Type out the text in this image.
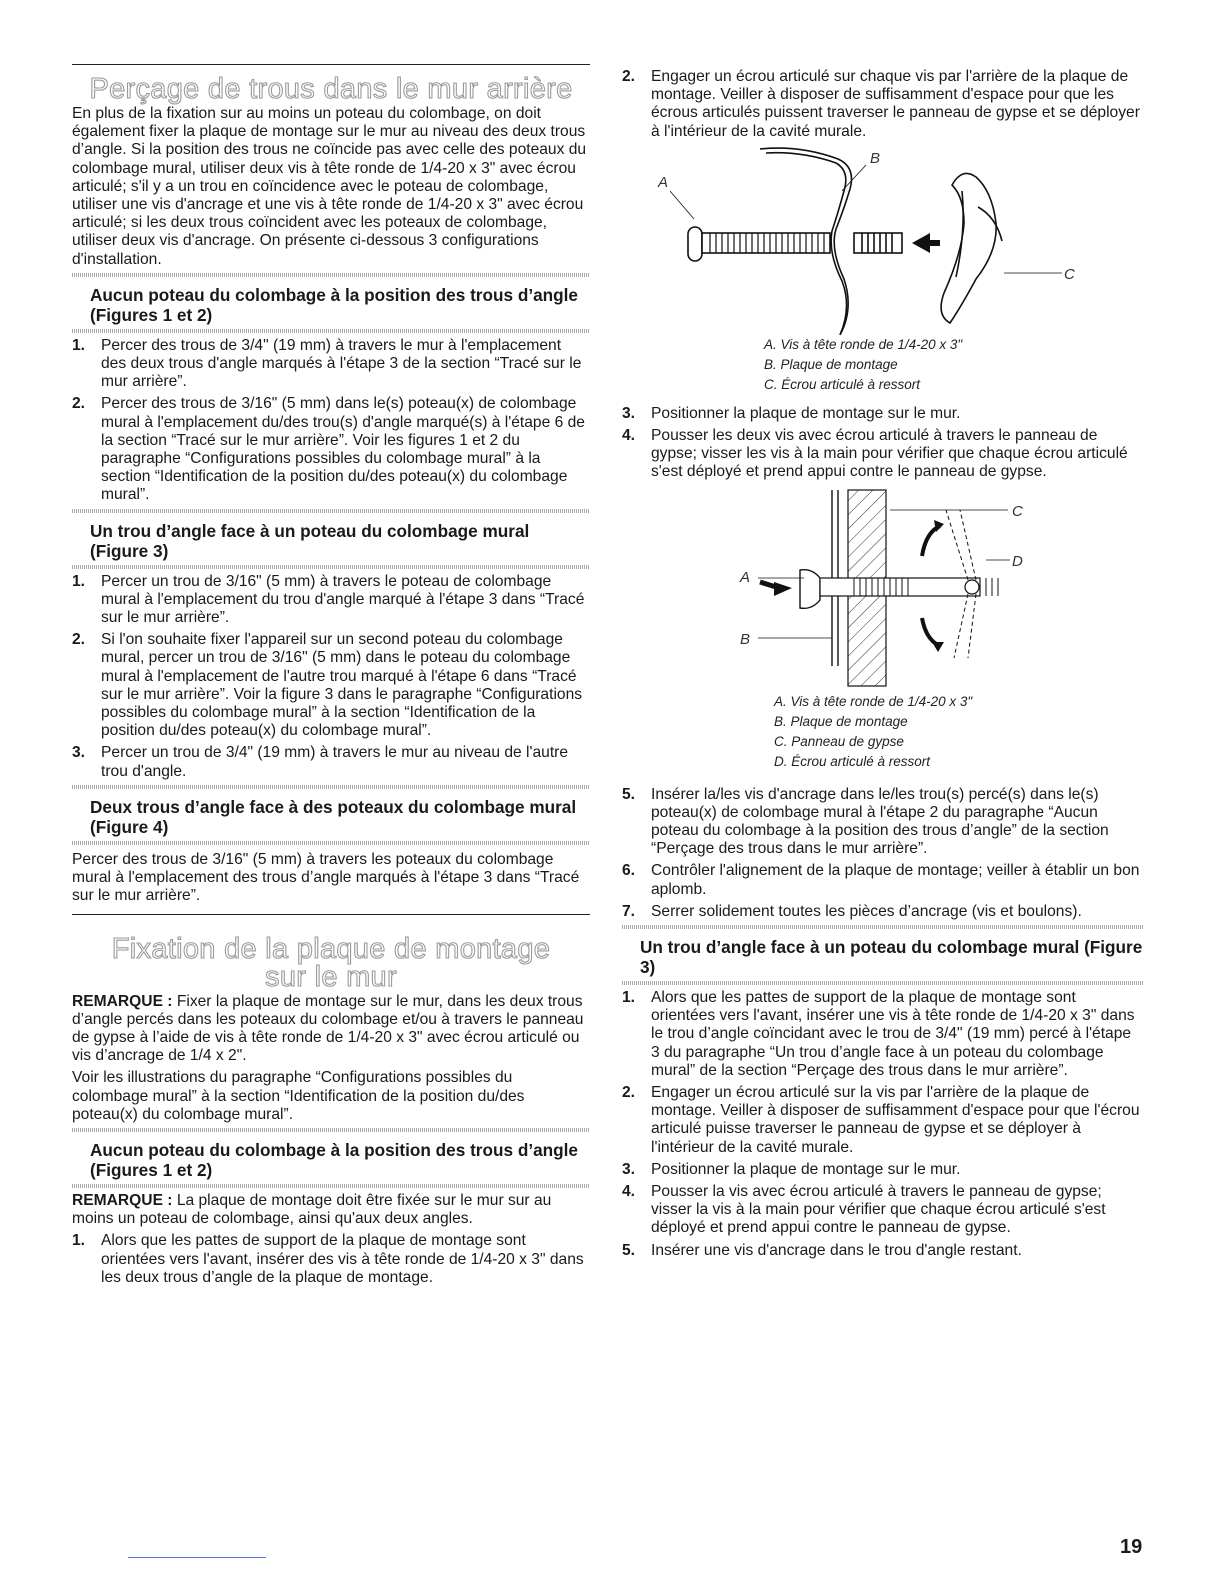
Perçage de trous dans le mur arrière

En plus de la fixation sur au moins un poteau du colombage, on doit également fixer la plaque de montage sur le mur au niveau des deux trous d’angle. Si la position des trous ne coïncide pas avec celle des poteaux du colombage mural, utiliser deux vis à tête ronde de 1/4-20 x 3" avec écrou articulé; s'il y a un trou en coïncidence avec le poteau de colombage, utiliser une vis d'ancrage et une vis à tête ronde de 1/4-20 x 3" avec écrou articulé; si les deux trous coïncident avec les poteaux de colombage, utiliser deux vis d'ancrage. On présente ci-dessous 3 configurations d'installation.

Aucun poteau du colombage à la position des trous d’angle (Figures 1 et 2)
1. Percer des trous de 3/4" (19 mm) à travers le mur à l'emplacement des deux trous d'angle marqués à l'étape 3 de la section “Tracé sur le mur arrière”.
2. Percer des trous de 3/16" (5 mm) dans le(s) poteau(x) de colombage mural à l'emplacement du/des trou(s) d'angle marqué(s) à l'étape 6 de la section “Tracé sur le mur arrière”. Voir les figures 1 et 2 du paragraphe “Configurations possibles du colombage mural” à la section “Identification de la position du/des poteau(x) du colombage mural”.
Un trou d’angle face à un poteau du colombage mural (Figure 3)
1. Percer un trou de 3/16" (5 mm) à travers le poteau de colombage mural à l'emplacement du trou d'angle marqué à l'étape 3 dans “Tracé sur le mur arrière”.
2. Si l'on souhaite fixer l'appareil sur un second poteau du colombage mural, percer un trou de 3/16" (5 mm) dans le poteau du colombage mural à l'emplacement de l'autre trou marqué à l'étape 6 dans “Tracé sur le mur arrière”. Voir la figure 3 dans le paragraphe “Configurations possibles du colombage mural” à la section “Identification de la position du/des poteau(x) du colombage mural”.
3. Percer un trou de 3/4" (19 mm) à travers le mur au niveau de l'autre trou d'angle.
Deux trous d’angle face à des poteaux du colombage mural (Figure 4)

Percer des trous de 3/16" (5 mm) à travers les poteaux du colombage mural à l'emplacement des trous d’angle marqués à l'étape 3 dans “Tracé sur le mur arrière”.

Fixation de la plaque de montage sur le mur

REMARQUE : Fixer la plaque de montage sur le mur, dans les deux trous d’angle percés dans les poteaux du colombage et/ou à travers le panneau de gypse à l’aide de vis à tête ronde de 1/4-20 x 3" avec écrou articulé ou vis d’ancrage de 1/4 x 2".

Voir les illustrations du paragraphe “Configurations possibles du colombage mural” à la section “Identification de la position du/des poteau(x) du colombage mural”.

Aucun poteau du colombage à la position des trous d’angle (Figures 1 et 2)

REMARQUE : La plaque de montage doit être fixée sur le mur sur au moins un poteau de colombage, ainsi qu'aux deux angles.

1. Alors que les pattes de support de la plaque de montage sont orientées vers l'avant, insérer des vis à tête ronde de 1/4-20 x 3" dans les deux trous d’angle de la plaque de montage.
2. Engager un écrou articulé sur chaque vis par l'arrière de la plaque de montage. Veiller à disposer de suffisamment d'espace pour que les écrous articulés puissent traverser le panneau de gypse et se déployer à l'intérieur de la cavité murale.
A
B
C
A. Vis à tête ronde de 1/4-20 x 3"
B. Plaque de montage
C. Écrou articulé à ressort
3. Positionner la plaque de montage sur le mur.
4. Pousser les deux vis avec écrou articulé à travers le panneau de gypse; visser les vis à la main pour vérifier que chaque écrou articulé s'est déployé et prend appui contre le panneau de gypse.
A
B
C
D
A. Vis à tête ronde de 1/4-20 x 3"
B. Plaque de montage
C. Panneau de gypse
D. Écrou articulé à ressort
5. Insérer la/les vis d'ancrage dans le/les trou(s) percé(s) dans le(s) poteau(x) de colombage mural à l'étape 2 du paragraphe “Aucun poteau du colombage à la position des trous d’angle” de la section “Perçage des trous dans le mur arrière”.
6. Contrôler l'alignement de la plaque de montage; veiller à établir un bon aplomb.
7. Serrer solidement toutes les pièces d’ancrage (vis et boulons).
Un trou d’angle face à un poteau du colombage mural (Figure 3)
1. Alors que les pattes de support de la plaque de montage sont orientées vers l'avant, insérer une vis à tête ronde de 1/4-20 x 3" dans le trou d’angle coïncidant avec le trou de 3/4" (19 mm) percé à l'étape 3 du paragraphe “Un trou d’angle face à un poteau du colombage mural” de la section “Perçage des trous dans le mur arrière”.
2. Engager un écrou articulé sur la vis par l'arrière de la plaque de montage. Veiller à disposer de suffisamment d'espace pour que l'écrou articulé puisse traverser le panneau de gypse et se déployer à l'intérieur de la cavité murale.
3. Positionner la plaque de montage sur le mur.
4. Pousser la vis avec écrou articulé à travers le panneau de gypse; visser la vis à la main pour vérifier que chaque écrou articulé s'est déployé et prend appui contre le panneau de gypse.
5. Insérer une vis d'ancrage dans le trou d'angle restant.
19
